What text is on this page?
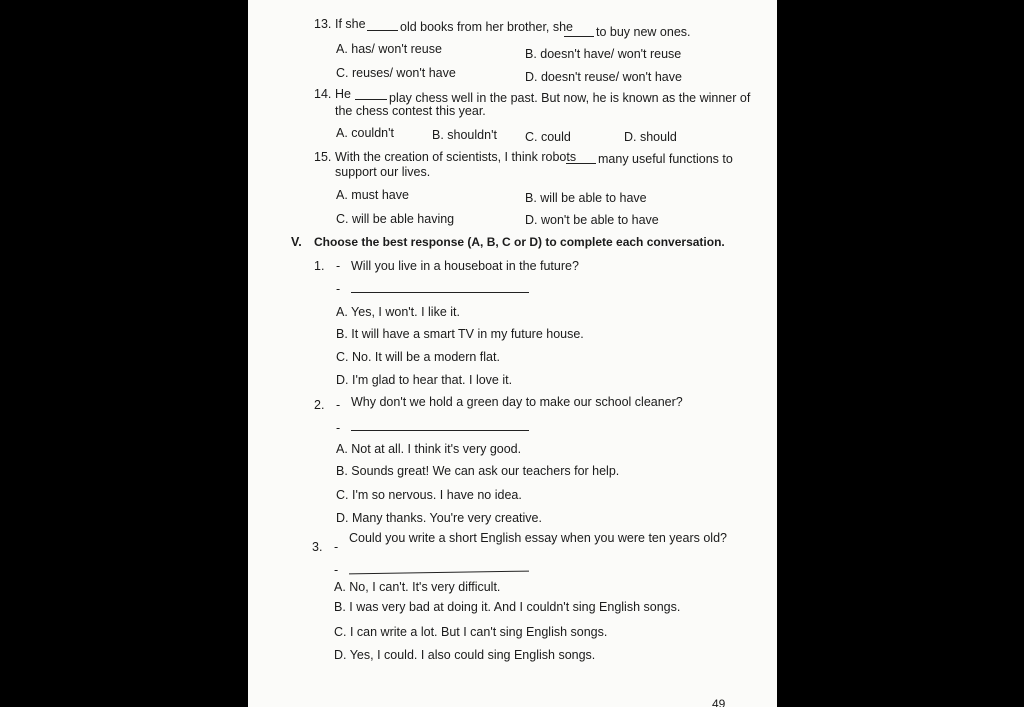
13. If she	old books from her brother, she to buy new ones.
A. has/ won't reuse	B. doesn't have/ won't reuse
C. reuses/ won't have	D. doesn't reuse/ won't have
14. He	play chess well in the past. But now, he is known as the winner of
the chess contest this year.
A. couldn't	B. shouldn't C. could	D. should
15. With the creation of scientists, I think robots many useful functions to
support our lives.
A. must have	B. will be able to have
C. will be able having	D. won't be able to have
V. Choose the best response (A, B, C or D) to complete each conversation.
1. - Will you live in a houseboat in the future?
-
A. Yes, I won't. I like it.
B. It will have a smart TV in my future house.
C. No. It will be a modern flat.
D. I'm glad to hear that. I love it.
2. - Why don't we hold a green day to make our school cleaner?
-
A. Not at all. I think it's very good.
B. Sounds great! We can ask our teachers for help.
C. I'm so nervous. I have no idea.
D. Many thanks. You're very creative.
3. -
Could you write a short English essay when you were ten years old?
-
A. No, I can't. It's very difficult.
B. I was very bad at doing it. And I couldn't sing English songs.
C. I can write a lot. But I can't sing English songs.
D. Yes, I could. I also could sing English songs.
49
